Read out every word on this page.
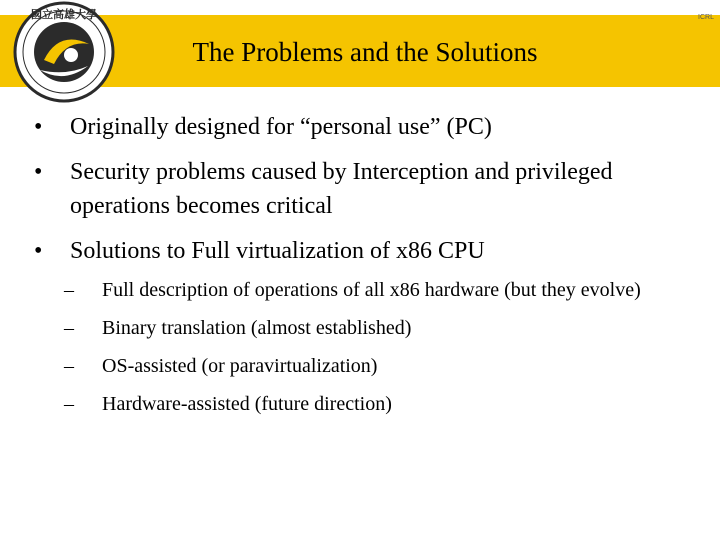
國立高雄大學	ICRL
The Problems and the Solutions
• Originally designed for “personal use” (PC)
• Security problems caused by Interception and privileged operations becomes critical
• Solutions to Full virtualization of x86 CPU
– Full description of operations of all x86 hardware (but they evolve)
– Binary translation (almost established)
– OS-assisted (or paravirtualization)
– Hardware-assisted (future direction)
